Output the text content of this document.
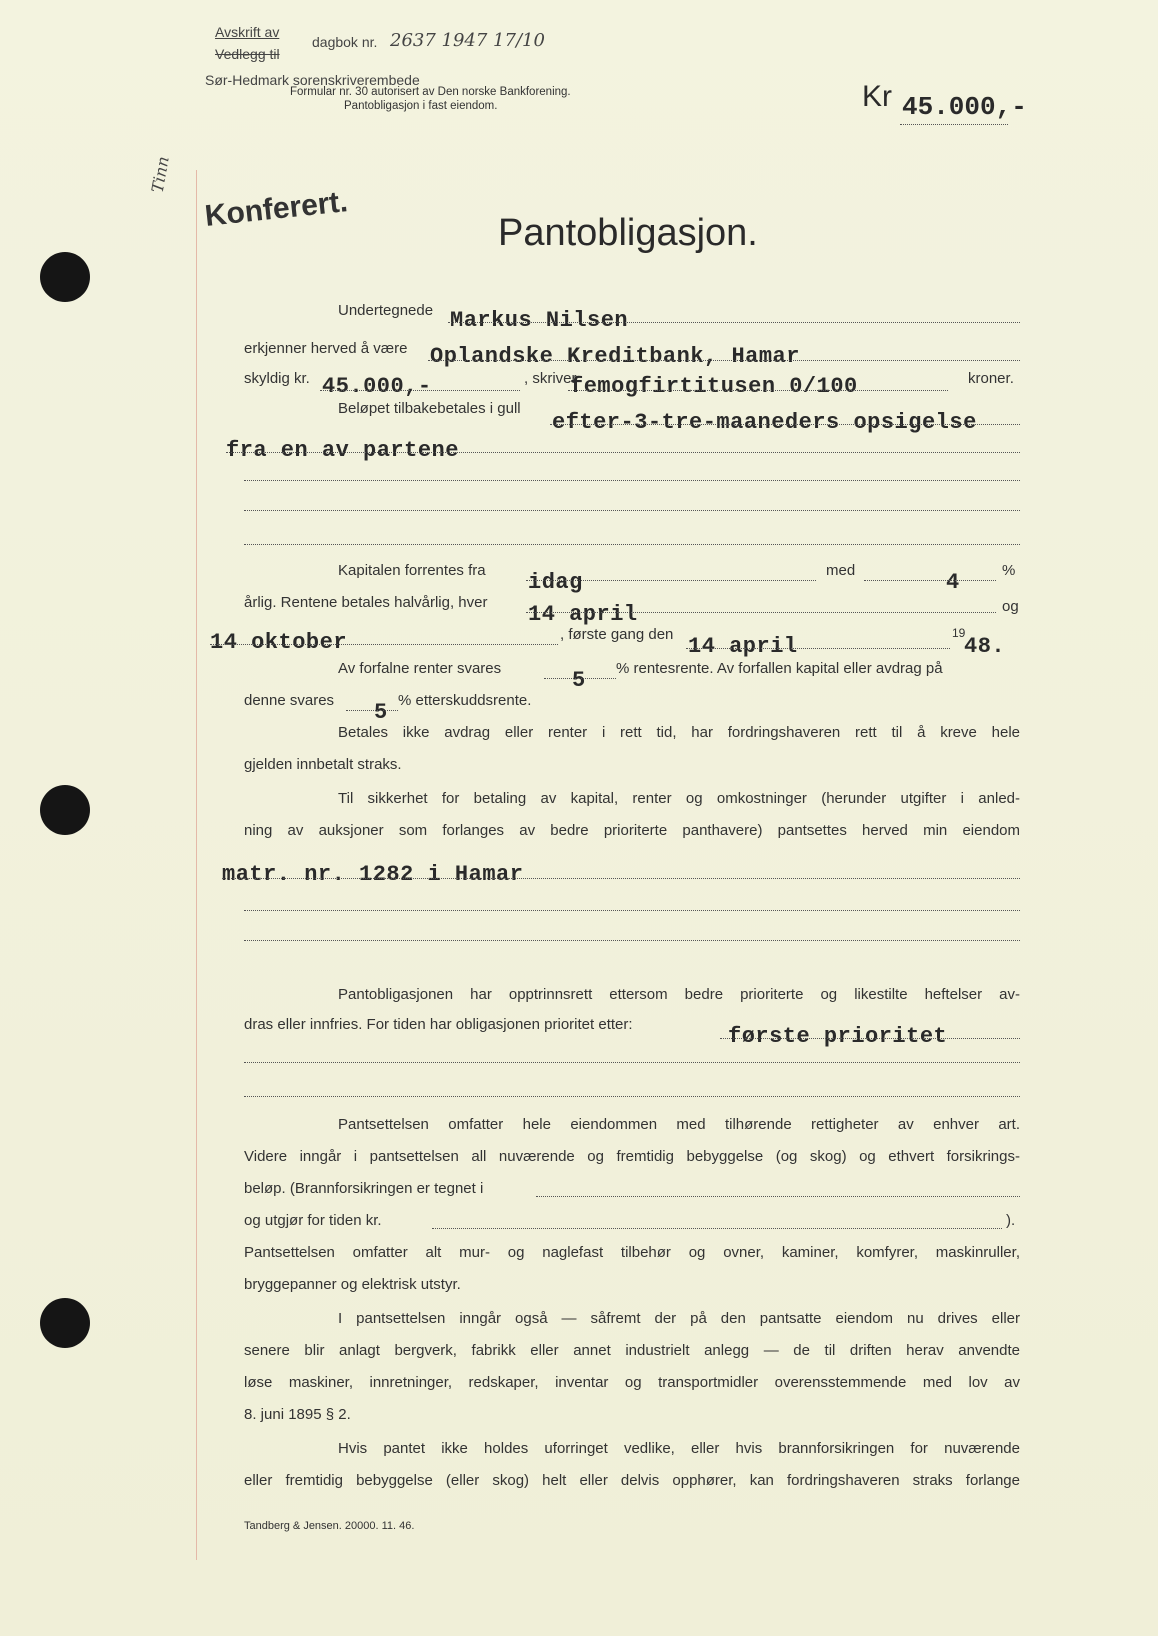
Avskrift av
Vedlegg til
dagbok nr. 2637 1947 17/10
Sør-Hedmark sorenskriverembede
Formular nr. 30 autorisert av Den norske Bankforening.
Pantobligasjon i fast eiendom.	Kr 45.000,-
Tinn
Konferert.
Pantobligasjon.
Undertegnede Markus Nilsen
erkjenner herved å være Oplandske Kreditbank, Hamar
skyldig kr. 45.000,-	, skriver
femogfirtitusen 0/100	kroner.
Beløpet tilbakebetales i gull
efter-3-tre-maaneders opsigelse
fra en av partene
Kapitalen forrentes fra idag	med	4	%
årlig. Rentene betales halvårlig, hver 14 april	og
14 oktober	, første gang den 14 april
19
48.
Av forfalne renter svares	5 % rentesrente. Av forfallen kapital eller avdrag på
denne svares 5 % etterskuddsrente.
Betales ikke avdrag eller renter i rett tid, har fordringshaveren rett til å kreve hele
gjelden innbetalt straks.
Til sikkerhet for betaling av kapital, renter og omkostninger (herunder utgifter i anled-
ning av auksjoner som forlanges av bedre prioriterte panthavere) pantsettes herved min eiendom
matr. nr. 1282 i Hamar
Pantobligasjonen har opptrinnsrett ettersom bedre prioriterte og likestilte heftelser av-
dras eller innfries. For tiden har obligasjonen prioritet etter:	første prioritet
Pantsettelsen omfatter hele eiendommen med tilhørende rettigheter av enhver art.
Videre inngår i pantsettelsen all nuværende og fremtidig bebyggelse (og skog) og ethvert forsikrings-
beløp. (Brannforsikringen er tegnet i
og utgjør for tiden kr.	).
Pantsettelsen omfatter alt mur- og naglefast tilbehør og ovner, kaminer, komfyrer, maskinruller,
bryggepanner og elektrisk utstyr.
I pantsettelsen inngår også — såfremt der på den pantsatte eiendom nu drives eller
senere blir anlagt bergverk, fabrikk eller annet industrielt anlegg — de til driften herav anvendte
løse maskiner, innretninger, redskaper, inventar og transportmidler overensstemmende med lov av
8. juni 1895 § 2.
Hvis pantet ikke holdes uforringet vedlike, eller hvis brannforsikringen for nuværende
eller fremtidig bebyggelse (eller skog) helt eller delvis opphører, kan fordringshaveren straks forlange
Tandberg & Jensen. 20000. 11. 46.
